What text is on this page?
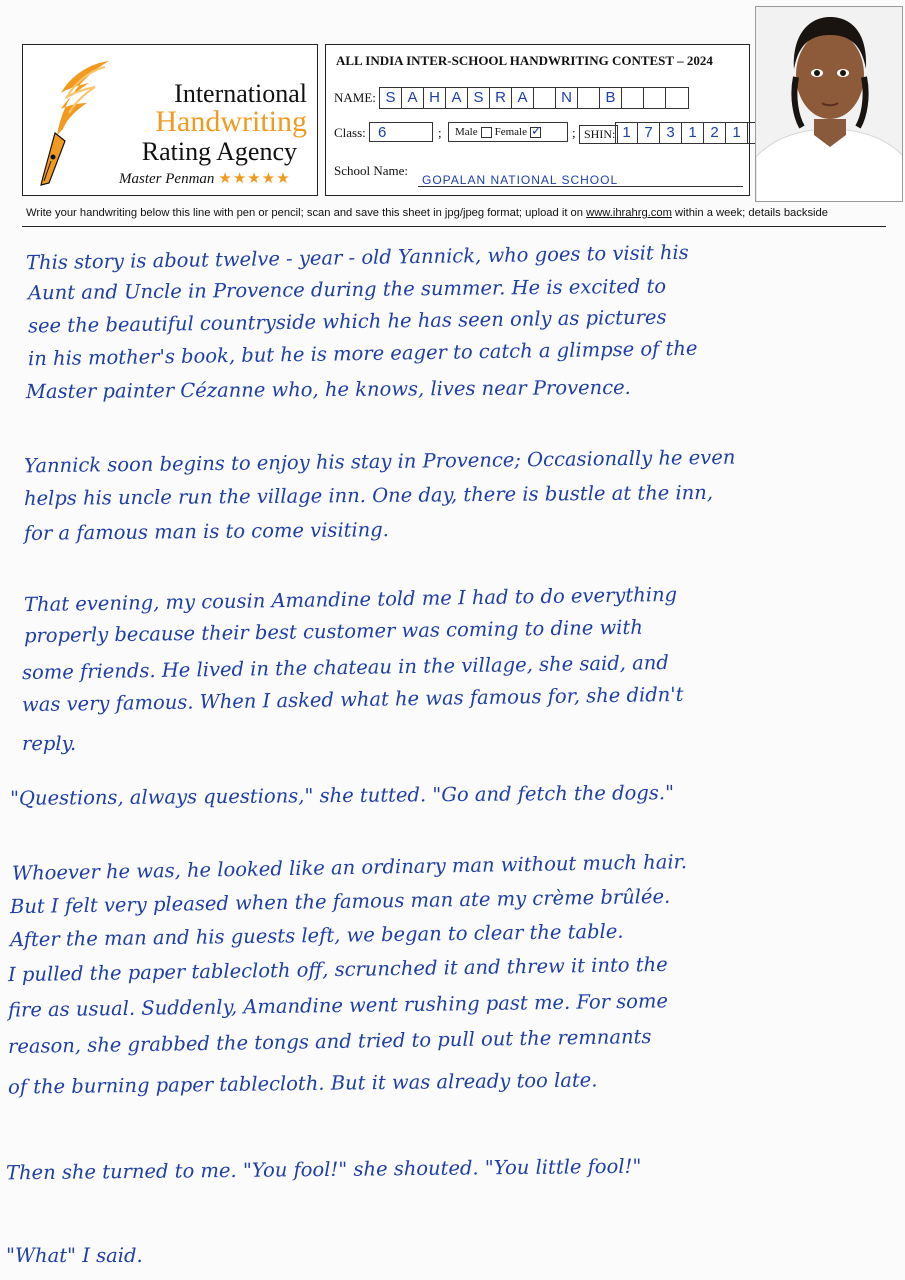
International
Handwriting
Rating Agency
Master Penman ★★★★★
ALL INDIA INTER-SCHOOL HANDWRITING CONTEST – 2024
NAME: S A H A S R A	N	B
Class: 6	; Male Female
✓	; SHIN: 1 7 3 1 2 1
School Name:
GOPALAN NATIONAL SCHOOL
Write your handwriting below this line with pen or pencil; scan and save this sheet in jpg/jpeg format; upload it on www.ihrahrg.com within a week; details backside
This story is about twelve - year - old Yannick, who goes to visit his
Aunt and Uncle in Provence during the summer. He is excited to
see the beautiful countryside which he has seen only as pictures
in his mother's book, but he is more eager to catch a glimpse of the
Master painter Cézanne who, he knows, lives near Provence.
Yannick soon begins to enjoy his stay in Provence; Occasionally he even
helps his uncle run the village inn. One day, there is bustle at the inn,
for a famous man is to come visiting.
That evening, my cousin Amandine told me I had to do everything
properly because their best customer was coming to dine with
some friends. He lived in the chateau in the village, she said, and
was very famous. When I asked what he was famous for, she didn't
reply.
"Questions, always questions," she tutted. "Go and fetch the dogs."
Whoever he was, he looked like an ordinary man without much hair.
But I felt very pleased when the famous man ate my crème brûlée.
After the man and his guests left, we began to clear the table.
I pulled the paper tablecloth off, scrunched it and threw it into the
fire as usual. Suddenly, Amandine went rushing past me. For some
reason, she grabbed the tongs and tried to pull out the remnants
of the burning paper tablecloth. But it was already too late.
Then she turned to me. "You fool!" she shouted. "You little fool!"
"What" I said.
